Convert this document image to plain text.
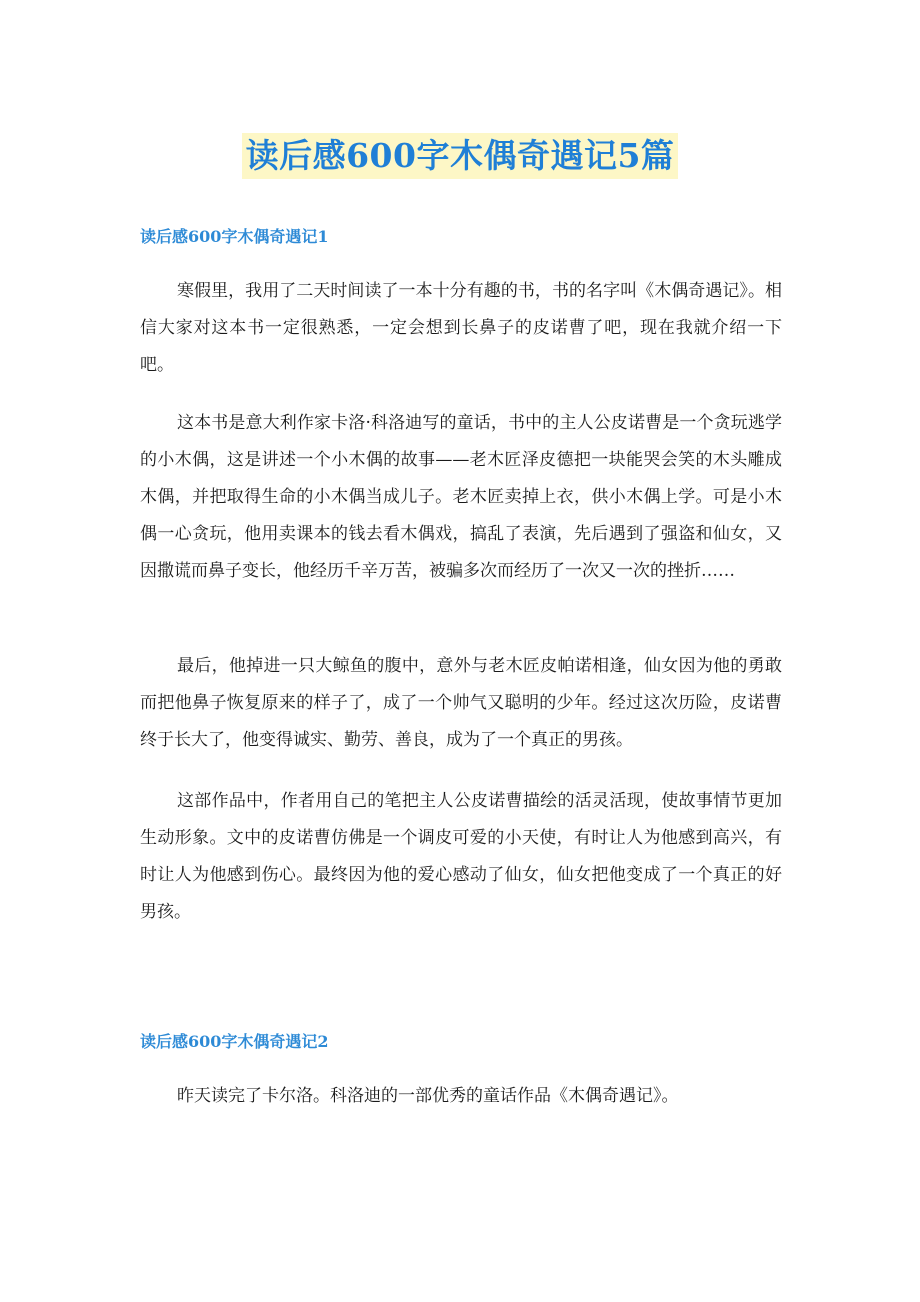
读后感600字木偶奇遇记5篇
读后感600字木偶奇遇记1

寒假里，我用了二天时间读了一本十分有趣的书，书的名字叫《木偶奇遇记》。相信大家对这本书一定很熟悉，一定会想到长鼻子的皮诺曹了吧，现在我就介绍一下吧。

这本书是意大利作家卡洛·科洛迪写的童话，书中的主人公皮诺曹是一个贪玩逃学的小木偶，这是讲述一个小木偶的故事——老木匠泽皮德把一块能哭会笑的木头雕成木偶，并把取得生命的小木偶当成儿子。老木匠卖掉上衣，供小木偶上学。可是小木偶一心贪玩，他用卖课本的钱去看木偶戏，搞乱了表演，先后遇到了强盗和仙女，又因撒谎而鼻子变长，他经历千辛万苦，被骗多次而经历了一次又一次的挫折……

最后，他掉进一只大鲸鱼的腹中，意外与老木匠皮帕诺相逢，仙女因为他的勇敢而把他鼻子恢复原来的样子了，成了一个帅气又聪明的少年。经过这次历险，皮诺曹终于长大了，他变得诚实、勤劳、善良，成为了一个真正的男孩。

这部作品中，作者用自己的笔把主人公皮诺曹描绘的活灵活现，使故事情节更加生动形象。文中的皮诺曹仿佛是一个调皮可爱的小天使，有时让人为他感到高兴，有时让人为他感到伤心。最终因为他的爱心感动了仙女，仙女把他变成了一个真正的好男孩。

读后感600字木偶奇遇记2

昨天读完了卡尔洛。科洛迪的一部优秀的童话作品《木偶奇遇记》。
